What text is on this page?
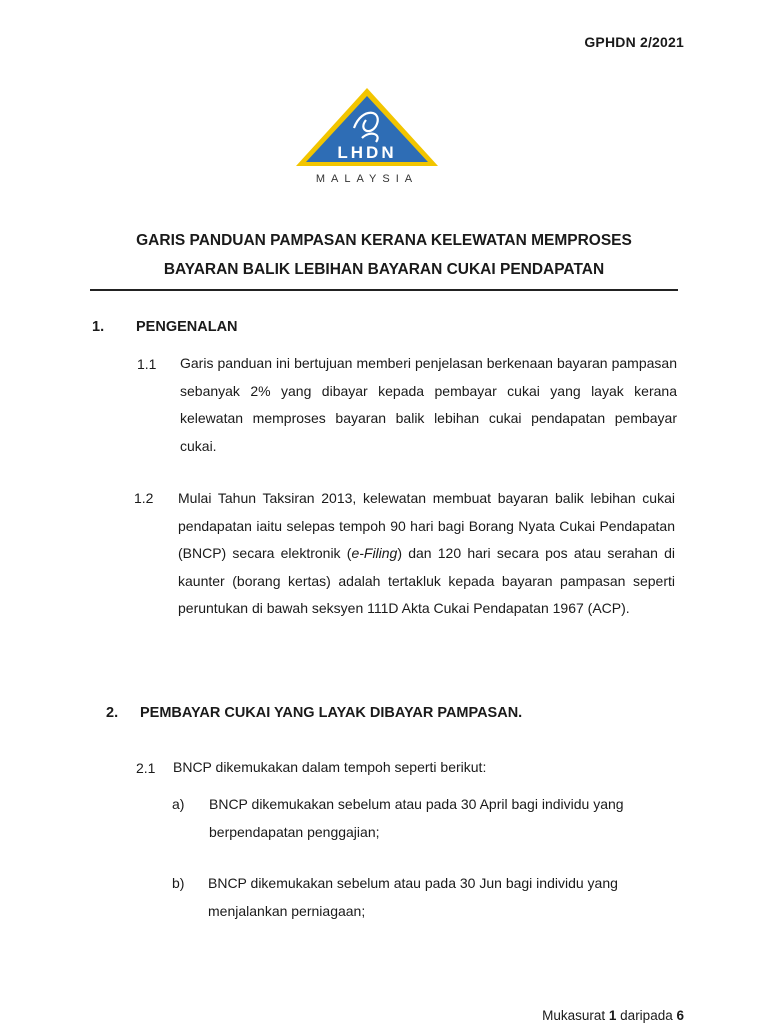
GPHDN 2/2021
LHDN
MALAYSIA
GARIS PANDUAN PAMPASAN KERANA KELEWATAN MEMPROSES
BAYARAN BALIK LEBIHAN BAYARAN CUKAI PENDAPATAN
1. PENGENALAN
1.1 Garis panduan ini bertujuan memberi penjelasan berkenaan bayaran pampasan sebanyak 2% yang dibayar kepada pembayar cukai yang layak kerana kelewatan memproses bayaran balik lebihan cukai pendapatan pembayar cukai.
1.2 Mulai Tahun Taksiran 2013, kelewatan membuat bayaran balik lebihan cukai pendapatan iaitu selepas tempoh 90 hari bagi Borang Nyata Cukai Pendapatan (BNCP) secara elektronik (e-Filing) dan 120 hari secara pos atau serahan di kaunter (borang kertas) adalah tertakluk kepada bayaran pampasan seperti peruntukan di bawah seksyen 111D Akta Cukai Pendapatan 1967 (ACP).
2. PEMBAYAR CUKAI YANG LAYAK DIBAYAR PAMPASAN.
2.1 BNCP dikemukakan dalam tempoh seperti berikut:
a) BNCP dikemukakan sebelum atau pada 30 April bagi individu yang berpendapatan penggajian;
b) BNCP dikemukakan sebelum atau pada 30 Jun bagi individu yang menjalankan perniagaan;
Mukasurat 1 daripada 6
